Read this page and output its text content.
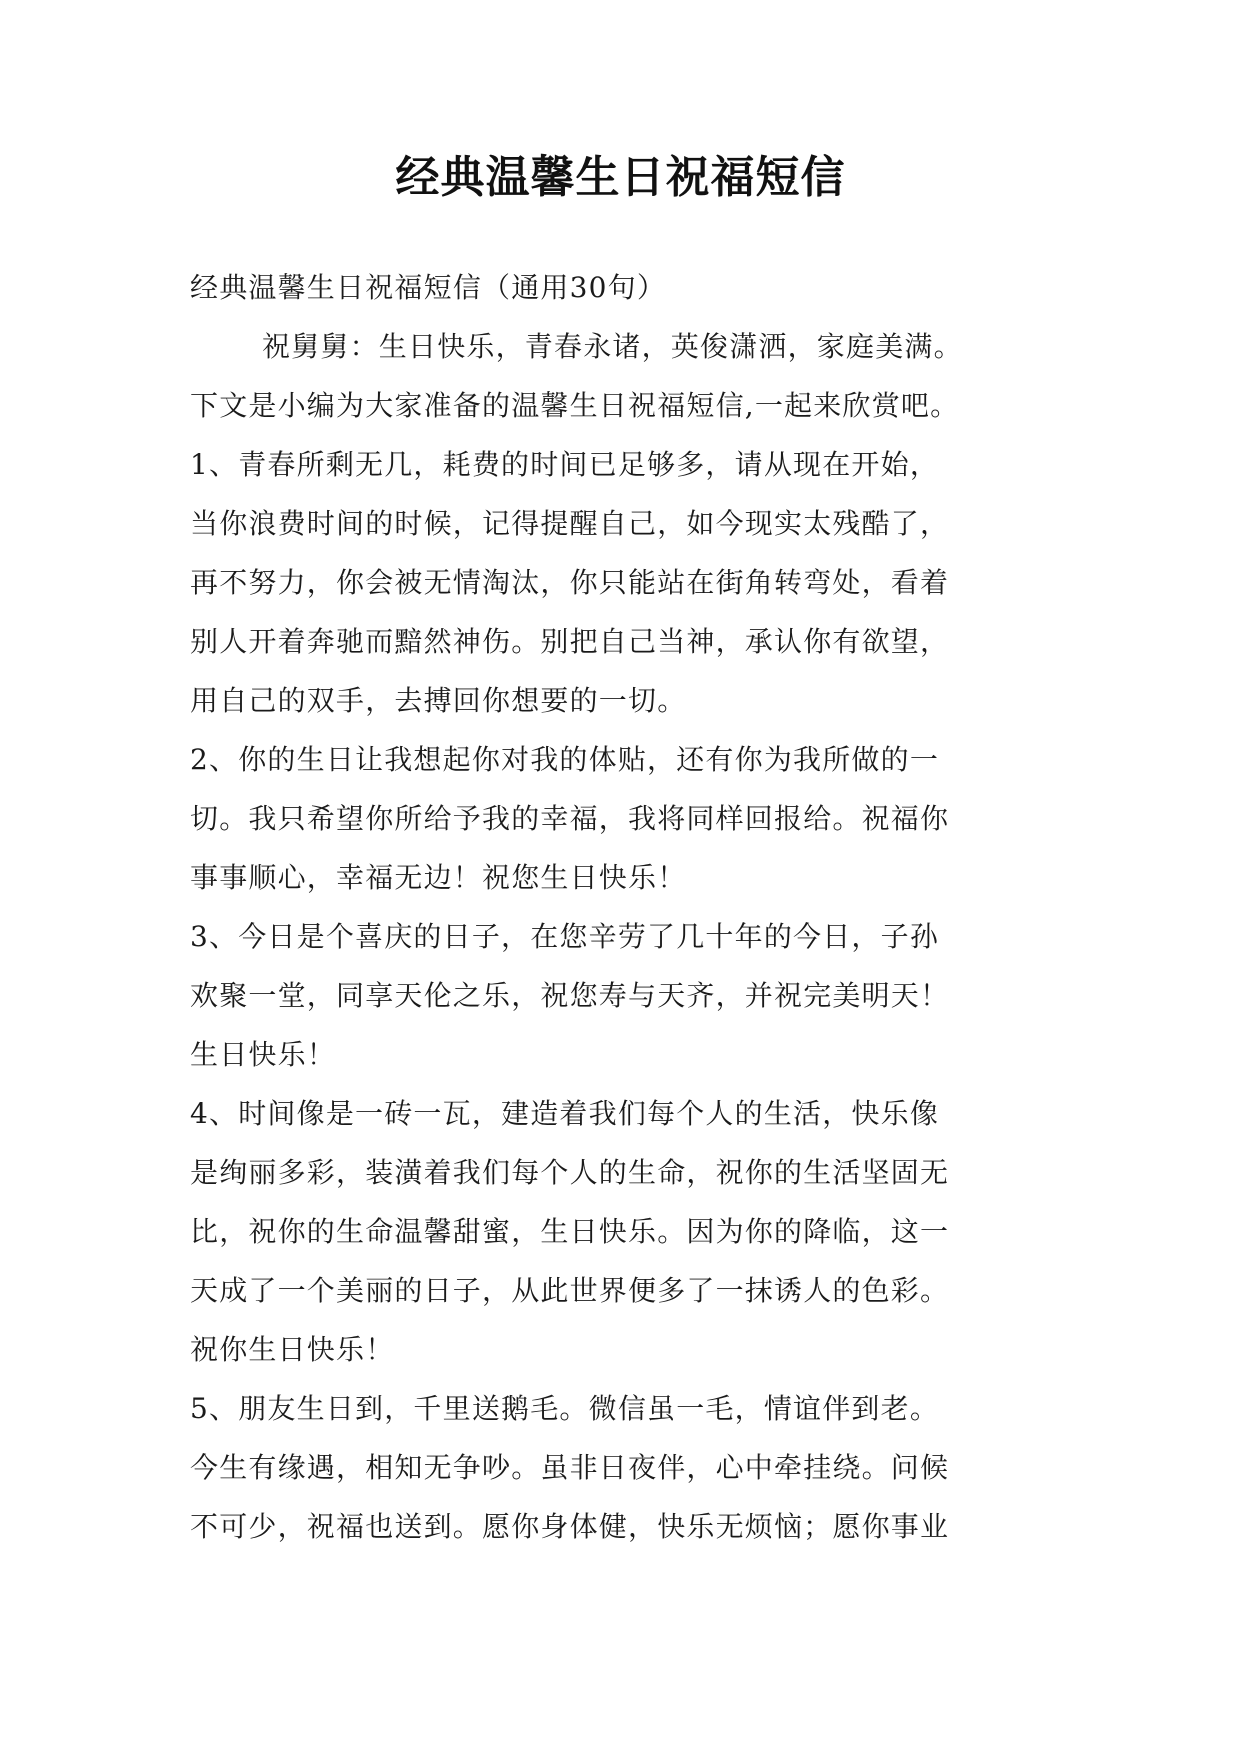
经典温馨生日祝福短信
经典温馨生日祝福短信（通用30句）
祝舅舅：生日快乐，青春永诸，英俊潇洒，家庭美满。
下文是小编为大家准备的温馨生日祝福短信,一起来欣赏吧。
1、青春所剩无几，耗费的时间已足够多，请从现在开始，
当你浪费时间的时候，记得提醒自己，如今现实太残酷了，
再不努力，你会被无情淘汰，你只能站在街角转弯处，看着
别人开着奔驰而黯然神伤。别把自己当神，承认你有欲望，
用自己的双手，去搏回你想要的一切。
2、你的生日让我想起你对我的体贴，还有你为我所做的一
切。我只希望你所给予我的幸福，我将同样回报给。祝福你
事事顺心，幸福无边！祝您生日快乐！
3、今日是个喜庆的日子，在您辛劳了几十年的今日，子孙
欢聚一堂，同享天伦之乐，祝您寿与天齐，并祝完美明天！
生日快乐！
4、时间像是一砖一瓦，建造着我们每个人的生活，快乐像
是绚丽多彩，装潢着我们每个人的生命，祝你的生活坚固无
比，祝你的生命温馨甜蜜，生日快乐。因为你的降临，这一
天成了一个美丽的日子，从此世界便多了一抹诱人的色彩。
祝你生日快乐！
5、朋友生日到，千里送鹅毛。微信虽一毛，情谊伴到老。
今生有缘遇，相知无争吵。虽非日夜伴，心中牵挂绕。问候
不可少，祝福也送到。愿你身体健，快乐无烦恼；愿你事业
